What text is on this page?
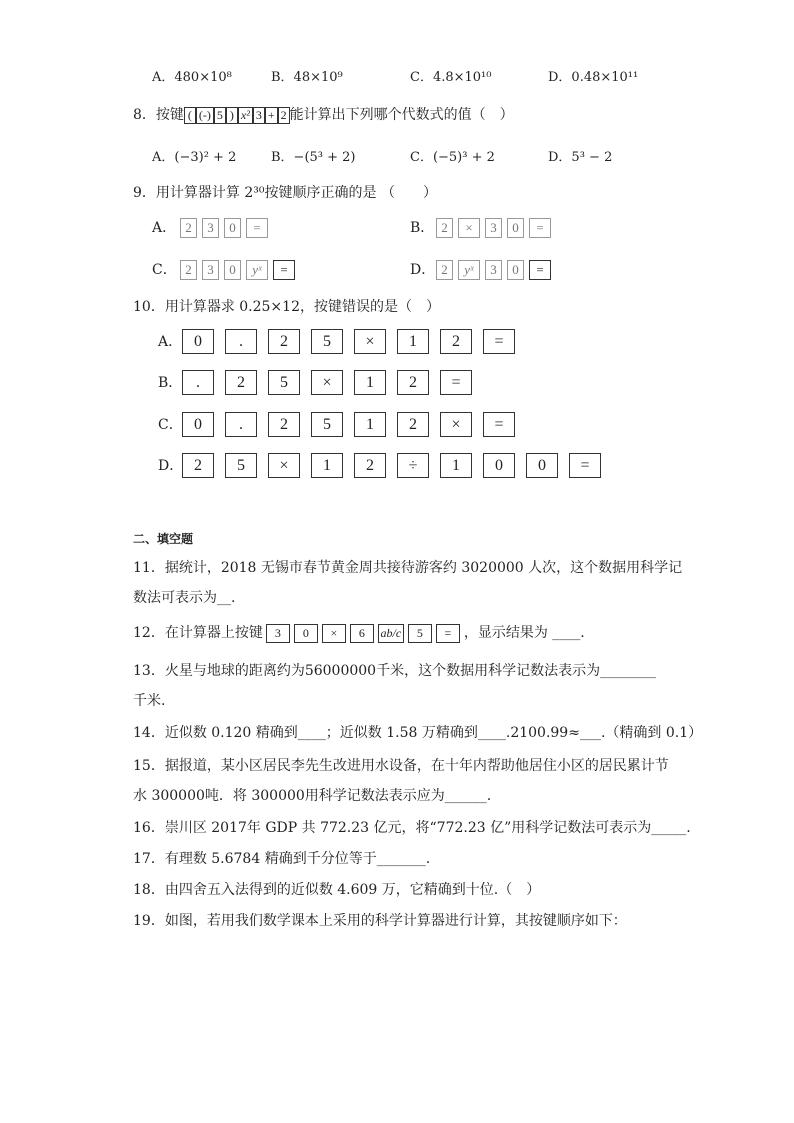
A．480×10⁸	B．48×10⁹	C．4.8×10¹⁰	D．0.48×10¹¹
8．按键 ( (-) 5 ) x² 3 + 2 能计算出下列哪个代数式的值（　）
A．(−3)² + 2	B．−(5³ + 2)	C．(−5)³ + 2	D．5³ − 2
9．用计算器计算 2³⁰按键顺序正确的是 （　　）
A． 2 3 0 =	B． 2 × 3 0 =
C． 2 3 0 yˣ =	D． 2 yˣ 3 0 =
10．用计算器求 0.25×12，按键错误的是（　）
A． 0 . 2 5 × 1 2 =
B． . 2 5 × 1 2 =
C． 0 . 2 5 1 2 × =
D． 2 5 × 1 2 ÷ 1 0 0 =
二、填空题
11．据统计，2018 无锡市春节黄金周共接待游客约 3020000 人次，这个数据用科学记
数法可表示为__.
12．在计算器上按键 3 0 × 6 ab/c 5 = ，显示结果为 ____.
13．火星与地球的距离约为56000000千米，这个数据用科学记数法表示为________
千米.
14．近似数 0.120 精确到____；近似数 1.58 万精确到____.2100.99≈___.（精确到 0.1）
15．据报道，某小区居民李先生改进用水设备，在十年内帮助他居住小区的居民累计节
水 300000吨．将 300000用科学记数法表示应为______.
16．崇川区 2017年 GDP 共 772.23 亿元，将“772.23 亿”用科学记数法可表示为_____.
17．有理数 5.6784 精确到千分位等于_______.
18．由四舍五入法得到的近似数 4.609 万，它精确到十位.（　）
19．如图，若用我们数学课本上采用的科学计算器进行计算，其按键顺序如下：
